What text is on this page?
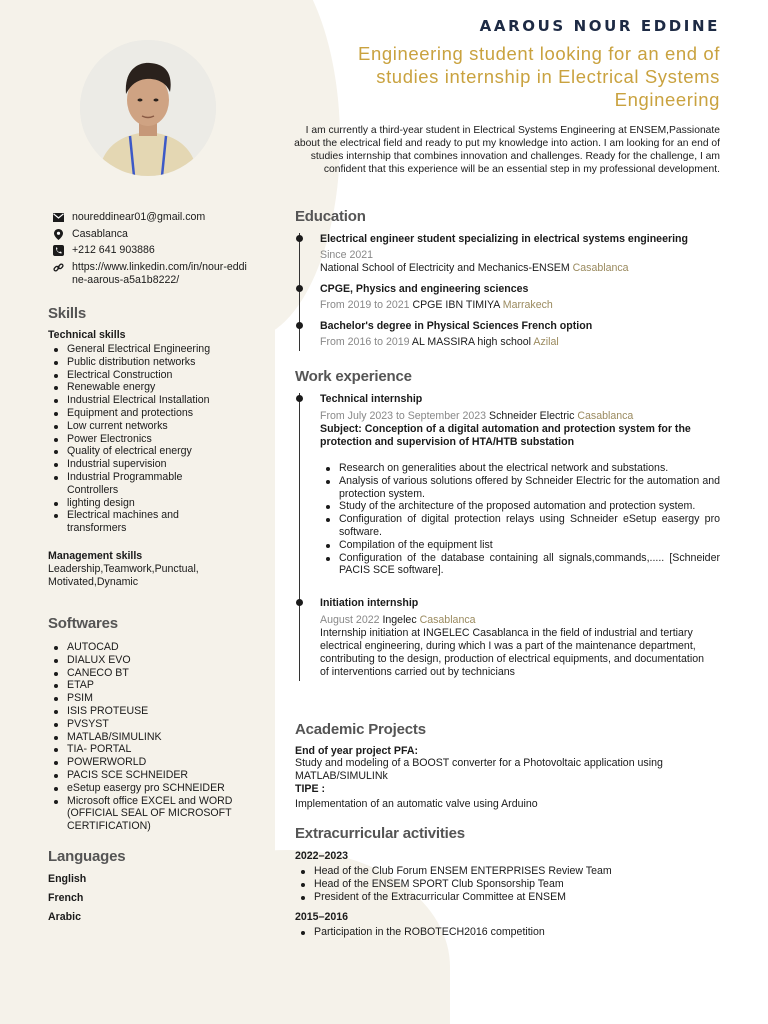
AAROUS NOUR EDDINE
Engineering student looking for an end of studies internship in Electrical Systems Engineering
I am currently a third-year student in Electrical Systems Engineering at ENSEM,Passionate about the electrical field and ready to put my knowledge into action. I am looking for an end of studies internship that combines innovation and challenges. Ready for the challenge, I am confident that this experience will be an essential step in my professional development.
noureddinear01@gmail.com
Casablanca
+212 641 903886
https://www.linkedin.com/in/nour-eddine-aarous-a5a1b8222/
Skills
Technical skills
General Electrical Engineering
Public distribution networks
Electrical Construction
Renewable energy
Industrial Electrical Installation
Equipment and protections
Low current networks
Power Electronics
Quality of electrical energy
Industrial supervision
Industrial Programmable Controllers
lighting design
Electrical machines and transformers
Management skills
Leadership,Teamwork,Punctual, Motivated,Dynamic
Softwares
AUTOCAD
DIALUX EVO
CANECO BT
ETAP
PSIM
ISIS PROTEUSE
PVSYST
MATLAB/SIMULINK
TIA- PORTAL
POWERWORLD
PACIS SCE SCHNEIDER
eSetup easergy pro SCHNEIDER
Microsoft office EXCEL and WORD (OFFICIAL SEAL OF MICROSOFT CERTIFICATION)
Languages
English
French
Arabic
Education
Electrical engineer student specializing in electrical systems engineering
Since 2021
National School of Electricity and Mechanics-ENSEM Casablanca
CPGE, Physics and engineering sciences
From 2019 to 2021 CPGE IBN TIMIYA Marrakech
Bachelor's degree in Physical Sciences French option
From 2016 to 2019 AL MASSIRA high school Azilal
Work experience
Technical internship
From July 2023 to September 2023 Schneider Electric Casablanca
Subject: Conception of a digital automation and protection system for the protection and supervision of HTA/HTB substation
Research on generalities about the electrical network and substations.
Analysis of various solutions offered by Schneider Electric for the automation and protection system.
Study of the architecture of the proposed automation and protection system.
Configuration of digital protection relays using Schneider eSetup easergy pro software.
Compilation of the equipment list
Configuration of the database containing all signals,commands,..... [Schneider PACIS SCE software].
Initiation internship
August 2022 Ingelec Casablanca
Internship initiation at INGELEC Casablanca in the field of industrial and tertiary electrical engineering, during which I was a part of the maintenance department, contributing to the design, production of electrical equipments, and documentation of interventions carried out by technicians
Academic Projects
End of year project PFA:
Study and modeling of a BOOST converter for a Photovoltaic application using MATLAB/SIMULINk
TIPE :
Implementation of an automatic valve using Arduino
Extracurricular activities
2022–2023
Head of the Club Forum ENSEM ENTERPRISES Review Team
Head of the ENSEM SPORT Club Sponsorship Team
President of the Extracurricular Committee at ENSEM
2015–2016
Participation in the ROBOTECH2016 competition
